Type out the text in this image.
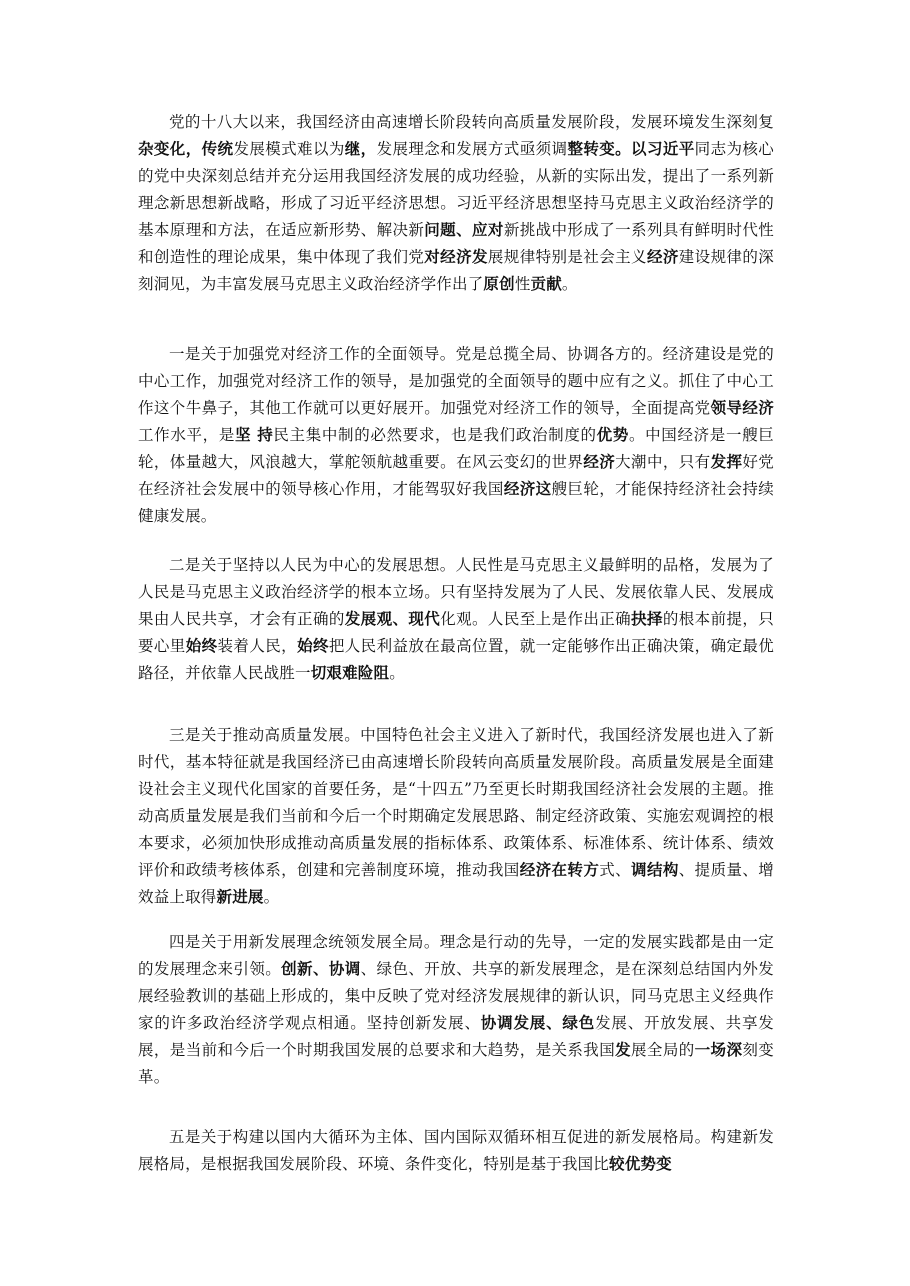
党的十八大以来，我国经济由高速增长阶段转向高质量发展阶段，发展环境发生深刻复杂变化，传统发展模式难以为继，发展理念和发展方式亟须调整转变。以习近平同志为核心的党中央深刻总结并充分运用我国经济发展的成功经验，从新的实际出发，提出了一系列新理念新思想新战略，形成了习近平经济思想。习近平经济思想坚持马克思主义政治经济学的基本原理和方法，在适应新形势、解决新问题、应对新挑战中形成了一系列具有鲜明时代性和创造性的理论成果，集中体现了我们党对经济发展规律特别是社会主义经济建设规律的深刻洞见，为丰富发展马克思主义政治经济学作出了原创性贡献。

一是关于加强党对经济工作的全面领导。党是总揽全局、协调各方的。经济建设是党的中心工作，加强党对经济工作的领导，是加强党的全面领导的题中应有之义。抓住了中心工作这个牛鼻子，其他工作就可以更好展开。加强党对经济工作的领导，全面提高党领导经济工作水平，是坚 持民主集中制的必然要求，也是我们政治制度的优势。中国经济是一艘巨轮，体量越大，风浪越大，掌舵领航越重要。在风云变幻的世界经济大潮中，只有发挥好党在经济社会发展中的领导核心作用，才能驾驭好我国经济这艘巨轮，才能保持经济社会持续健康发展。

二是关于坚持以人民为中心的发展思想。人民性是马克思主义最鲜明的品格，发展为了人民是马克思主义政治经济学的根本立场。只有坚持发展为了人民、发展依靠人民、发展成果由人民共享，才会有正确的发展观、现代化观。人民至上是作出正确抉择的根本前提，只要心里始终装着人民，始终把人民利益放在最高位置，就一定能够作出正确决策，确定最优路径，并依靠人民战胜一切艰难险阻。

三是关于推动高质量发展。中国特色社会主义进入了新时代，我国经济发展也进入了新时代，基本特征就是我国经济已由高速增长阶段转向高质量发展阶段。高质量发展是全面建设社会主义现代化国家的首要任务，是“十四五”乃至更长时期我国经济社会发展的主题。推动高质量发展是我们当前和今后一个时期确定发展思路、制定经济政策、实施宏观调控的根本要求，必须加快形成推动高质量发展的指标体系、政策体系、标准体系、统计体系、绩效评价和政绩考核体系，创建和完善制度环境，推动我国经济在转方式、调结构、提质量、增效益上取得新进展。

四是关于用新发展理念统领发展全局。理念是行动的先导，一定的发展实践都是由一定的发展理念来引领。创新、协调、绿色、开放、共享的新发展理念，是在深刻总结国内外发展经验教训的基础上形成的，集中反映了党对经济发展规律的新认识，同马克思主义经典作家的许多政治经济学观点相通。坚持创新发展、协调发展、绿色发展、开放发展、共享发展，是当前和今后一个时期我国发展的总要求和大趋势，是关系我国发展全局的一场深刻变革。

五是关于构建以国内大循环为主体、国内国际双循环相互促进的新发展格局。构建新发展格局，是根据我国发展阶段、环境、条件变化，特别是基于我国比较优势变
